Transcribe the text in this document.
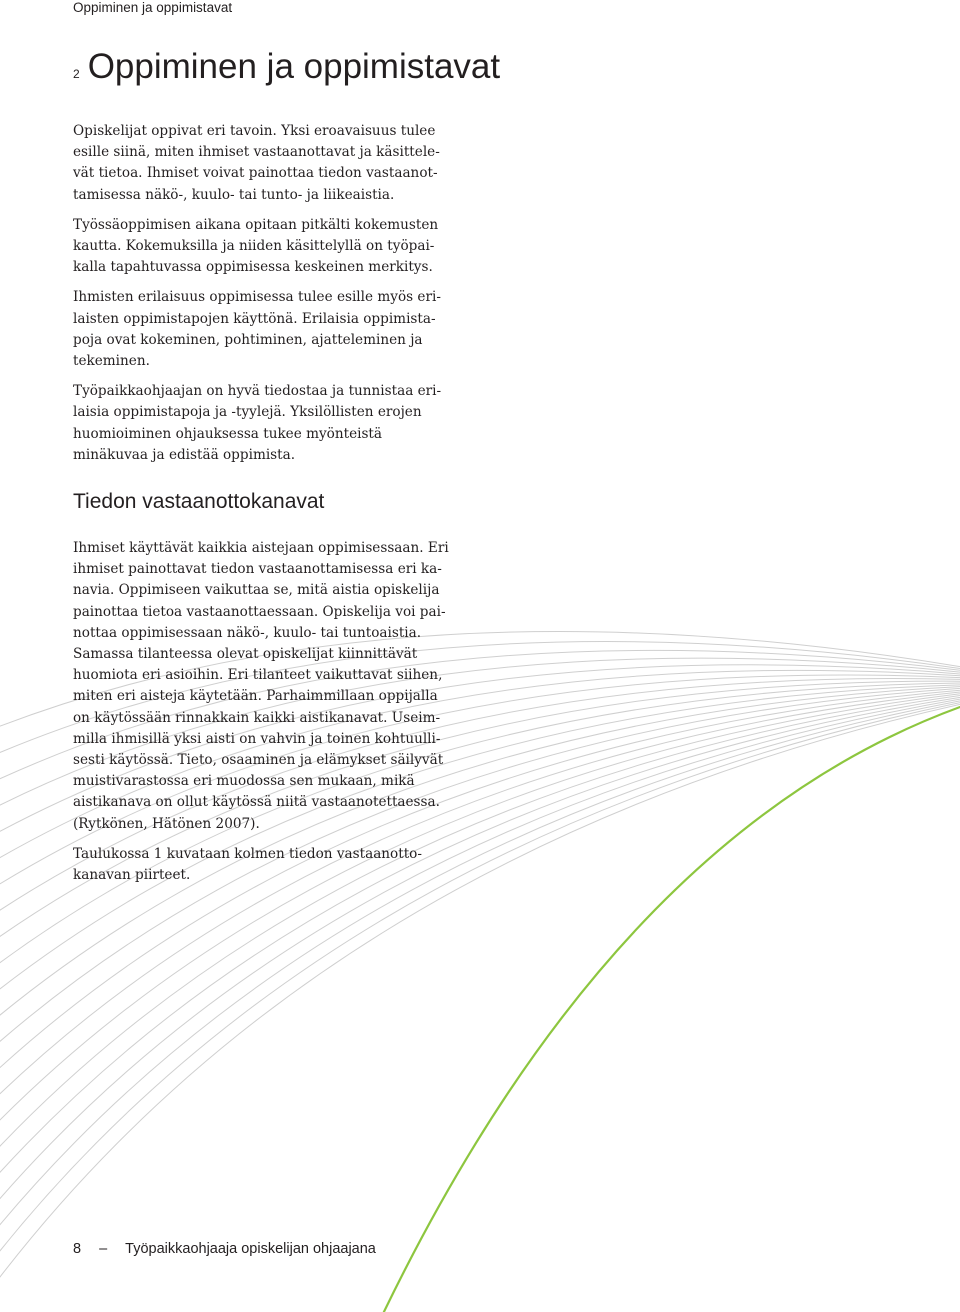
Oppiminen ja oppimistavat
2 Oppiminen ja oppimistavat

Opiskelijat oppivat eri tavoin. Yksi eroavaisuus tulee
esille siinä, miten ihmiset vastaanottavat ja käsittele-
vät tietoa. Ihmiset voivat painottaa tiedon vastaanot-
tamisessa näkö-, kuulo- tai tunto- ja liikeaistia.

Työssäoppimisen aikana opitaan pitkälti kokemusten
kautta. Kokemuksilla ja niiden käsittelyllä on työpai-
kalla tapahtuvassa oppimisessa keskeinen merkitys.

Ihmisten erilaisuus oppimisessa tulee esille myös eri-
laisten oppimistapojen käyttönä. Erilaisia oppimista-
poja ovat kokeminen, pohtiminen, ajatteleminen ja
tekeminen.

Työpaikkaohjaajan on hyvä tiedostaa ja tunnistaa eri-
laisia oppimistapoja ja -tyylejä. Yksilöllisten erojen
huomioiminen ohjauksessa tukee myönteistä
minäkuvaa ja edistää oppimista.

Tiedon vastaanottokanavat

Ihmiset käyttävät kaikkia aistejaan oppimisessaan. Eri
ihmiset painottavat tiedon vastaanottamisessa eri ka-
navia. Oppimiseen vaikuttaa se, mitä aistia opiskelija
painottaa tietoa vastaanottaessaan. Opiskelija voi pai-
nottaa oppimisessaan näkö-, kuulo- tai tuntoaistia.
Samassa tilanteessa olevat opiskelijat kiinnittävät
huomiota eri asioihin. Eri tilanteet vaikuttavat siihen,
miten eri aisteja käytetään. Parhaimmillaan oppijalla
on käytössään rinnakkain kaikki aistikanavat. Useim-
milla ihmisillä yksi aisti on vahvin ja toinen kohtuulli-
sesti käytössä. Tieto, osaaminen ja elämykset säilyvät
muistivarastossa eri muodossa sen mukaan, mikä
aistikanava on ollut käytössä niitä vastaanotettaessa.
(Rytkönen, Hätönen 2007).

Taulukossa 1 kuvataan kolmen tiedon vastaanotto-
kanavan piirteet.

8 – Työpaikkaohjaaja opiskelijan ohjaajana
